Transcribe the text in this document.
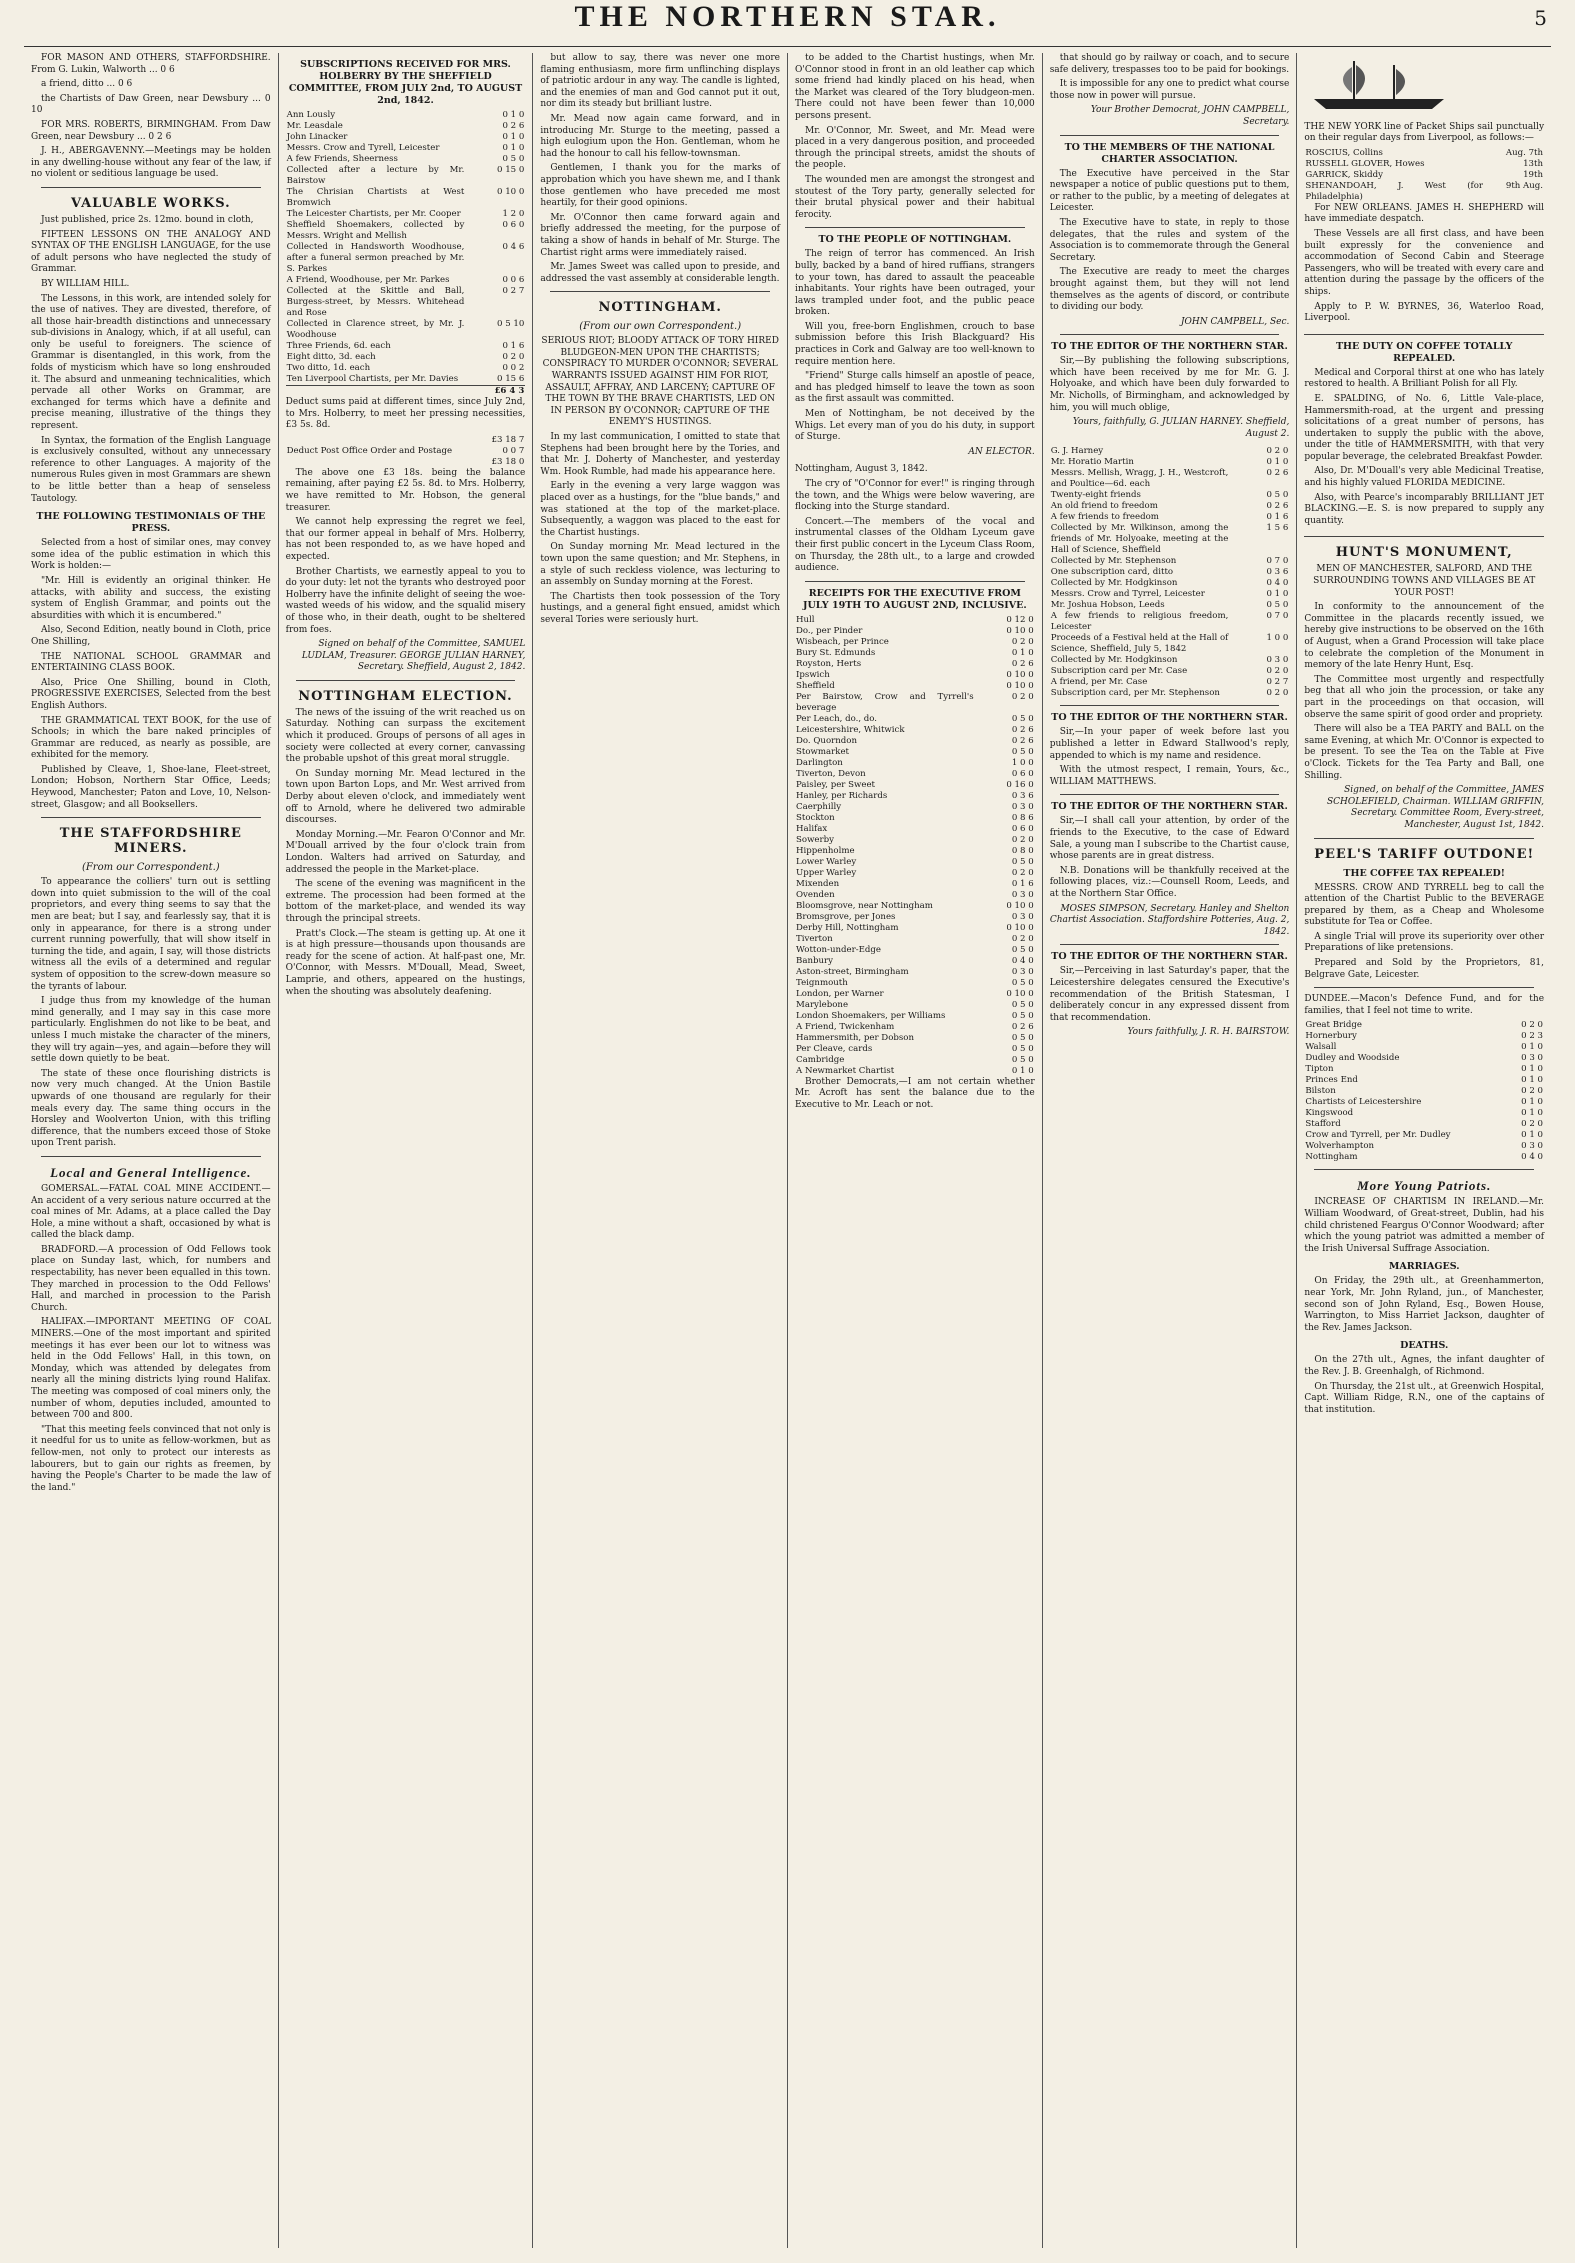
THE NORTHERN STAR.	5

FOR MASON AND OTHERS, STAFFORDSHIRE. From G. Lukin, Walworth ... 0 6

a friend, ditto ... 0 6

the Chartists of Daw Green, near Dewsbury ... 0 10

FOR MRS. ROBERTS, BIRMINGHAM. From Daw Green, near Dewsbury ... 0 2 6

J. H., ABERGAVENNY.—Meetings may be holden in any dwelling-house without any fear of the law, if no violent or seditious language be used.

VALUABLE WORKS.

Just published, price 2s. 12mo. bound in cloth,

FIFTEEN LESSONS ON THE ANALOGY AND SYNTAX OF THE ENGLISH LANGUAGE, for the use of adult persons who have neglected the study of Grammar.

BY WILLIAM HILL.

The Lessons, in this work, are intended solely for the use of natives. They are divested, therefore, of all those hair-breadth distinctions and unnecessary sub-divisions in Analogy, which, if at all useful, can only be useful to foreigners. The science of Grammar is disentangled, in this work, from the folds of mysticism which have so long enshrouded it. The absurd and unmeaning technicalities, which pervade all other Works on Grammar, are exchanged for terms which have a definite and precise meaning, illustrative of the things they represent.

In Syntax, the formation of the English Language is exclusively consulted, without any unnecessary reference to other Languages. A majority of the numerous Rules given in most Grammars are shewn to be little better than a heap of senseless Tautology.

THE FOLLOWING TESTIMONIALS OF THE PRESS.

Selected from a host of similar ones, may convey some idea of the public estimation in which this Work is holden:—

"Mr. Hill is evidently an original thinker. He attacks, with ability and success, the existing system of English Grammar, and points out the absurdities with which it is encumbered."

Also, Second Edition, neatly bound in Cloth, price One Shilling,

THE NATIONAL SCHOOL GRAMMAR and ENTERTAINING CLASS BOOK.

Also, Price One Shilling, bound in Cloth, PROGRESSIVE EXERCISES, Selected from the best English Authors.

THE GRAMMATICAL TEXT BOOK, for the use of Schools; in which the bare naked principles of Grammar are reduced, as nearly as possible, are exhibited for the memory.

Published by Cleave, 1, Shoe-lane, Fleet-street, London; Hobson, Northern Star Office, Leeds; Heywood, Manchester; Paton and Love, 10, Nelson-street, Glasgow; and all Booksellers.

THE STAFFORDSHIRE MINERS.
(From our Correspondent.)

To appearance the colliers' turn out is settling down into quiet submission to the will of the coal proprietors, and every thing seems to say that the men are beat; but I say, and fearlessly say, that it is only in appearance, for there is a strong under current running powerfully, that will show itself in turning the tide, and again, I say, will those districts witness all the evils of a determined and regular system of opposition to the screw-down measure so the tyrants of labour.

I judge thus from my knowledge of the human mind generally, and I may say in this case more particularly. Englishmen do not like to be beat, and unless I much mistake the character of the miners, they will try again—yes, and again—before they will settle down quietly to be beat.

The state of these once flourishing districts is now very much changed. At the Union Bastile upwards of one thousand are regularly for their meals every day. The same thing occurs in the Horsley and Woolverton Union, with this trifling difference, that the numbers exceed those of Stoke upon Trent parish.

Local and General Intelligence.

GOMERSAL.—FATAL COAL MINE ACCIDENT.—An accident of a very serious nature occurred at the coal mines of Mr. Adams, at a place called the Day Hole, a mine without a shaft, occasioned by what is called the black damp.

BRADFORD.—A procession of Odd Fellows took place on Sunday last, which, for numbers and respectability, has never been equalled in this town. They marched in procession to the Odd Fellows' Hall, and marched in procession to the Parish Church.

HALIFAX.—IMPORTANT MEETING OF COAL MINERS.—One of the most important and spirited meetings it has ever been our lot to witness was held in the Odd Fellows' Hall, in this town, on Monday, which was attended by delegates from nearly all the mining districts lying round Halifax. The meeting was composed of coal miners only, the number of whom, deputies included, amounted to between 700 and 800.

"That this meeting feels convinced that not only is it needful for us to unite as fellow-workmen, but as fellow-men, not only to protect our interests as labourers, but to gain our rights as freemen, by having the People's Charter to be made the law of the land."

SUBSCRIPTIONS RECEIVED FOR MRS. HOLBERRY BY THE SHEFFIELD COMMITTEE, FROM JULY 2nd, TO AUGUST 2nd, 1842.
Ann Lously	0 1 0
Mr. Leasdale	0 2 6
John Linacker	0 1 0
Messrs. Crow and Tyrell, Leicester	0 1 0
A few Friends, Sheerness	0 5 0
Collected after a lecture by Mr. Bairstow	0 15 0
The Chrisian Chartists at West Bromwich	0 10 0
The Leicester Chartists, per Mr. Cooper	1 2 0
Sheffield Shoemakers, collected by Messrs. Wright and Mellish	0 6 0
Collected in Handsworth Woodhouse, after a funeral sermon preached by Mr. S. Parkes	0 4 6
A Friend, Woodhouse, per Mr. Parkes	0 0 6
Collected at the Skittle and Ball, Burgess-street, by Messrs. Whitehead and Rose	0 2 7
Collected in Clarence street, by Mr. J. Woodhouse	0 5 10
Three Friends, 6d. each	0 1 6
Eight ditto, 3d. each	0 2 0
Two ditto, 1d. each	0 0 2
Ten Liverpool Chartists, per Mr. Davies	0 15 6
	£6 4 3

Deduct sums paid at different times, since July 2nd, to Mrs. Holberry, to meet her pressing necessities, £3 5s. 8d.

	£3 18 7
Deduct Post Office Order and Postage	0 0 7
	£3 18 0

The above one £3 18s. being the balance remaining, after paying £2 5s. 8d. to Mrs. Holberry, we have remitted to Mr. Hobson, the general treasurer.

We cannot help expressing the regret we feel, that our former appeal in behalf of Mrs. Holberry, has not been responded to, as we have hoped and expected.

Brother Chartists, we earnestly appeal to you to do your duty: let not the tyrants who destroyed poor Holberry have the infinite delight of seeing the woe-wasted weeds of his widow, and the squalid misery of those who, in their death, ought to be sheltered from foes.

Signed on behalf of the Committee, SAMUEL LUDLAM, Treasurer. GEORGE JULIAN HARNEY, Secretary. Sheffield, August 2, 1842.
NOTTINGHAM ELECTION.

The news of the issuing of the writ reached us on Saturday. Nothing can surpass the excitement which it produced. Groups of persons of all ages in society were collected at every corner, canvassing the probable upshot of this great moral struggle.

On Sunday morning Mr. Mead lectured in the town upon Barton Lops, and Mr. West arrived from Derby about eleven o'clock, and immediately went off to Arnold, where he delivered two admirable discourses.

Monday Morning.—Mr. Fearon O'Connor and Mr. M'Douall arrived by the four o'clock train from London. Walters had arrived on Saturday, and addressed the people in the Market-place.

The scene of the evening was magnificent in the extreme. The procession had been formed at the bottom of the market-place, and wended its way through the principal streets.

Pratt's Clock.—The steam is getting up. At one it is at high pressure—thousands upon thousands are ready for the scene of action. At half-past one, Mr. O'Connor, with Messrs. M'Douall, Mead, Sweet, Lamprie, and others, appeared on the hustings, when the shouting was absolutely deafening.

but allow to say, there was never one more flaming enthusiasm, more firm unflinching displays of patriotic ardour in any way. The candle is lighted, and the enemies of man and God cannot put it out, nor dim its steady but brilliant lustre.

Mr. Mead now again came forward, and in introducing Mr. Sturge to the meeting, passed a high eulogium upon the Hon. Gentleman, whom he had the honour to call his fellow-townsman.

Gentlemen, I thank you for the marks of approbation which you have shewn me, and I thank those gentlemen who have preceded me most heartily, for their good opinions.

Mr. O'Connor then came forward again and briefly addressed the meeting, for the purpose of taking a show of hands in behalf of Mr. Sturge. The Chartist right arms were immediately raised.

Mr. James Sweet was called upon to preside, and addressed the vast assembly at considerable length.

NOTTINGHAM.
(From our own Correspondent.)

SERIOUS RIOT; BLOODY ATTACK OF TORY HIRED BLUDGEON-MEN UPON THE CHARTISTS; CONSPIRACY TO MURDER O'CONNOR; SEVERAL WARRANTS ISSUED AGAINST HIM FOR RIOT, ASSAULT, AFFRAY, AND LARCENY; CAPTURE OF THE TOWN BY THE BRAVE CHARTISTS, LED ON IN PERSON BY O'CONNOR; CAPTURE OF THE ENEMY'S HUSTINGS.

In my last communication, I omitted to state that Stephens had been brought here by the Tories, and that Mr. J. Doherty of Manchester, and yesterday Wm. Hook Rumble, had made his appearance here.

Early in the evening a very large waggon was placed over as a hustings, for the "blue bands," and was stationed at the top of the market-place. Subsequently, a waggon was placed to the east for the Chartist hustings.

On Sunday morning Mr. Mead lectured in the town upon the same question; and Mr. Stephens, in a style of such reckless violence, was lecturing to an assembly on Sunday morning at the Forest.

The Chartists then took possession of the Tory hustings, and a general fight ensued, amidst which several Tories were seriously hurt.

to be added to the Chartist hustings, when Mr. O'Connor stood in front in an old leather cap which some friend had kindly placed on his head, when the Market was cleared of the Tory bludgeon-men. There could not have been fewer than 10,000 persons present.

Mr. O'Connor, Mr. Sweet, and Mr. Mead were placed in a very dangerous position, and proceeded through the principal streets, amidst the shouts of the people.

The wounded men are amongst the strongest and stoutest of the Tory party, generally selected for their brutal physical power and their habitual ferocity.

TO THE PEOPLE OF NOTTINGHAM.

The reign of terror has commenced. An Irish bully, backed by a band of hired ruffians, strangers to your town, has dared to assault the peaceable inhabitants. Your rights have been outraged, your laws trampled under foot, and the public peace broken.

Will you, free-born Englishmen, crouch to base submission before this Irish Blackguard? His practices in Cork and Galway are too well-known to require mention here.

"Friend" Sturge calls himself an apostle of peace, and has pledged himself to leave the town as soon as the first assault was committed.

Men of Nottingham, be not deceived by the Whigs. Let every man of you do his duty, in support of Sturge.

AN ELECTOR.

Nottingham, August 3, 1842.

The cry of "O'Connor for ever!" is ringing through the town, and the Whigs were below wavering, are flocking into the Sturge standard.

Concert.—The members of the vocal and instrumental classes of the Oldham Lyceum gave their first public concert in the Lyceum Class Room, on Thursday, the 28th ult., to a large and crowded audience.

RECEIPTS FOR THE EXECUTIVE FROM JULY 19TH TO AUGUST 2ND, INCLUSIVE.
Hull	0 12 0
Do., per Pinder	0 10 0
Wisbeach, per Prince	0 2 0
Bury St. Edmunds	0 1 0
Royston, Herts	0 2 6
Ipswich	0 10 0
Sheffield	0 10 0
Per Bairstow, Crow and Tyrrell's beverage	0 2 0
Per Leach, do., do.	0 5 0
Leicestershire, Whitwick	0 2 6
Do. Quorndon	0 2 6
Stowmarket	0 5 0
Darlington	1 0 0
Tiverton, Devon	0 6 0
Paisley, per Sweet	0 16 0
Hanley, per Richards	0 3 6
Caerphilly	0 3 0
Stockton	0 8 6
Halifax	0 6 0
Sowerby	0 2 0
Hippenholme	0 8 0
Lower Warley	0 5 0
Upper Warley	0 2 0
Mixenden	0 1 6
Ovenden	0 3 0
Bloomsgrove, near Nottingham	0 10 0
Bromsgrove, per Jones	0 3 0
Derby Hill, Nottingham	0 10 0
Tiverton	0 2 0
Wotton-under-Edge	0 5 0
Banbury	0 4 0
Aston-street, Birmingham	0 3 0
Teignmouth	0 5 0
London, per Warner	0 10 0
Marylebone	0 5 0
London Shoemakers, per Williams	0 5 0
A Friend, Twickenham	0 2 6
Hammersmith, per Dobson	0 5 0
Per Cleave, cards	0 5 0
Cambridge	0 5 0
A Newmarket Chartist	0 1 0

Brother Democrats,—I am not certain whether Mr. Acroft has sent the balance due to the Executive to Mr. Leach or not.

that should go by railway or coach, and to secure safe delivery, trespasses too to be paid for bookings.

It is impossible for any one to predict what course those now in power will pursue.

Your Brother Democrat, JOHN CAMPBELL, Secretary.
TO THE MEMBERS OF THE NATIONAL CHARTER ASSOCIATION.

The Executive have perceived in the Star newspaper a notice of public questions put to them, or rather to the public, by a meeting of delegates at Leicester.

The Executive have to state, in reply to those delegates, that the rules and system of the Association is to commemorate through the General Secretary.

The Executive are ready to meet the charges brought against them, but they will not lend themselves as the agents of discord, or contribute to dividing our body.

JOHN CAMPBELL, Sec.
TO THE EDITOR OF THE NORTHERN STAR.

Sir,—By publishing the following subscriptions, which have been received by me for Mr. G. J. Holyoake, and which have been duly forwarded to Mr. Nicholls, of Birmingham, and acknowledged by him, you will much oblige,

Yours, faithfully, G. JULIAN HARNEY. Sheffield, August 2.
G. J. Harney	0 2 0
Mr. Horatio Martin	0 1 0
Messrs. Mellish, Wragg, J. H., Westcroft, and Poultice—6d. each	0 2 6
Twenty-eight friends	0 5 0
An old friend to freedom	0 2 6
A few friends to freedom	0 1 6
Collected by Mr. Wilkinson, among the friends of Mr. Holyoake, meeting at the Hall of Science, Sheffield	1 5 6
Collected by Mr. Stephenson	0 7 0
One subscription card, ditto	0 3 6
Collected by Mr. Hodgkinson	0 4 0
Messrs. Crow and Tyrrel, Leicester	0 1 0
Mr. Joshua Hobson, Leeds	0 5 0
A few friends to religious freedom, Leicester	0 7 0
Proceeds of a Festival held at the Hall of Science, Sheffield, July 5, 1842	1 0 0
Collected by Mr. Hodgkinson	0 3 0
Subscription card per Mr. Case	0 2 0
A friend, per Mr. Case	0 2 7
Subscription card, per Mr. Stephenson	0 2 0
TO THE EDITOR OF THE NORTHERN STAR.

Sir,—In your paper of week before last you published a letter in Edward Stallwood's reply, appended to which is my name and residence.

With the utmost respect, I remain, Yours, &c., WILLIAM MATTHEWS.

TO THE EDITOR OF THE NORTHERN STAR.

Sir,—I shall call your attention, by order of the friends to the Executive, to the case of Edward Sale, a young man I subscribe to the Chartist cause, whose parents are in great distress.

N.B. Donations will be thankfully received at the following places, viz.:—Counsell Room, Leeds, and at the Northern Star Office.

MOSES SIMPSON, Secretary. Hanley and Shelton Chartist Association. Staffordshire Potteries, Aug. 2, 1842.
TO THE EDITOR OF THE NORTHERN STAR.

Sir,—Perceiving in last Saturday's paper, that the Leicestershire delegates censured the Executive's recommendation of the British Statesman, I deliberately concur in any expressed dissent from that recommendation.

Yours faithfully, J. R. H. BAIRSTOW.

THE NEW YORK line of Packet Ships sail punctually on their regular days from Liverpool, as follows:—

ROSCIUS, Collins	Aug. 7th
RUSSELL GLOVER, Howes	13th
GARRICK, Skiddy	19th
SHENANDOAH, J. West (for Philadelphia)	9th Aug.

For NEW ORLEANS. JAMES H. SHEPHERD will have immediate despatch.

These Vessels are all first class, and have been built expressly for the convenience and accommodation of Second Cabin and Steerage Passengers, who will be treated with every care and attention during the passage by the officers of the ships.

Apply to P. W. BYRNES, 36, Waterloo Road, Liverpool.

THE DUTY ON COFFEE TOTALLY REPEALED.

Medical and Corporal thirst at one who has lately restored to health. A Brilliant Polish for all Fly.

E. SPALDING, of No. 6, Little Vale-place, Hammersmith-road, at the urgent and pressing solicitations of a great number of persons, has undertaken to supply the public with the above, under the title of HAMMERSMITH, with that very popular beverage, the celebrated Breakfast Powder.

Also, Dr. M'Douall's very able Medicinal Treatise, and his highly valued FLORIDA MEDICINE.

Also, with Pearce's incomparably BRILLIANT JET BLACKING.—E. S. is now prepared to supply any quantity.

HUNT'S MONUMENT,

MEN OF MANCHESTER, SALFORD, AND THE SURROUNDING TOWNS AND VILLAGES BE AT YOUR POST!

In conformity to the announcement of the Committee in the placards recently issued, we hereby give instructions to be observed on the 16th of August, when a Grand Procession will take place to celebrate the completion of the Monument in memory of the late Henry Hunt, Esq.

The Committee most urgently and respectfully beg that all who join the procession, or take any part in the proceedings on that occasion, will observe the same spirit of good order and propriety.

There will also be a TEA PARTY and BALL on the same Evening, at which Mr. O'Connor is expected to be present. To see the Tea on the Table at Five o'Clock. Tickets for the Tea Party and Ball, one Shilling.

Signed, on behalf of the Committee, JAMES SCHOLEFIELD, Chairman. WILLIAM GRIFFIN, Secretary. Committee Room, Every-street, Manchester, August 1st, 1842.
PEEL'S TARIFF OUTDONE!
THE COFFEE TAX REPEALED!

MESSRS. CROW AND TYRRELL beg to call the attention of the Chartist Public to the BEVERAGE prepared by them, as a Cheap and Wholesome substitute for Tea or Coffee.

A single Trial will prove its superiority over other Preparations of like pretensions.

Prepared and Sold by the Proprietors, 81, Belgrave Gate, Leicester.

DUNDEE.—Macon's Defence Fund, and for the families, that I feel not time to write.

Great Bridge	0 2 0
Hornerbury	0 2 3
Walsall	0 1 0
Dudley and Woodside	0 3 0
Tipton	0 1 0
Princes End	0 1 0
Bilston	0 2 0
Chartists of Leicestershire	0 1 0
Kingswood	0 1 0
Stafford	0 2 0
Crow and Tyrrell, per Mr. Dudley	0 1 0
Wolverhampton	0 3 0
Nottingham	0 4 0
More Young Patriots.

INCREASE OF CHARTISM IN IRELAND.—Mr. William Woodward, of Great-street, Dublin, had his child christened Feargus O'Connor Woodward; after which the young patriot was admitted a member of the Irish Universal Suffrage Association.

MARRIAGES.

On Friday, the 29th ult., at Greenhammerton, near York, Mr. John Ryland, jun., of Manchester, second son of John Ryland, Esq., Bowen House, Warrington, to Miss Harriet Jackson, daughter of the Rev. James Jackson.

DEATHS.

On the 27th ult., Agnes, the infant daughter of the Rev. J. B. Greenhalgh, of Richmond.

On Thursday, the 21st ult., at Greenwich Hospital, Capt. William Ridge, R.N., one of the captains of that institution.
